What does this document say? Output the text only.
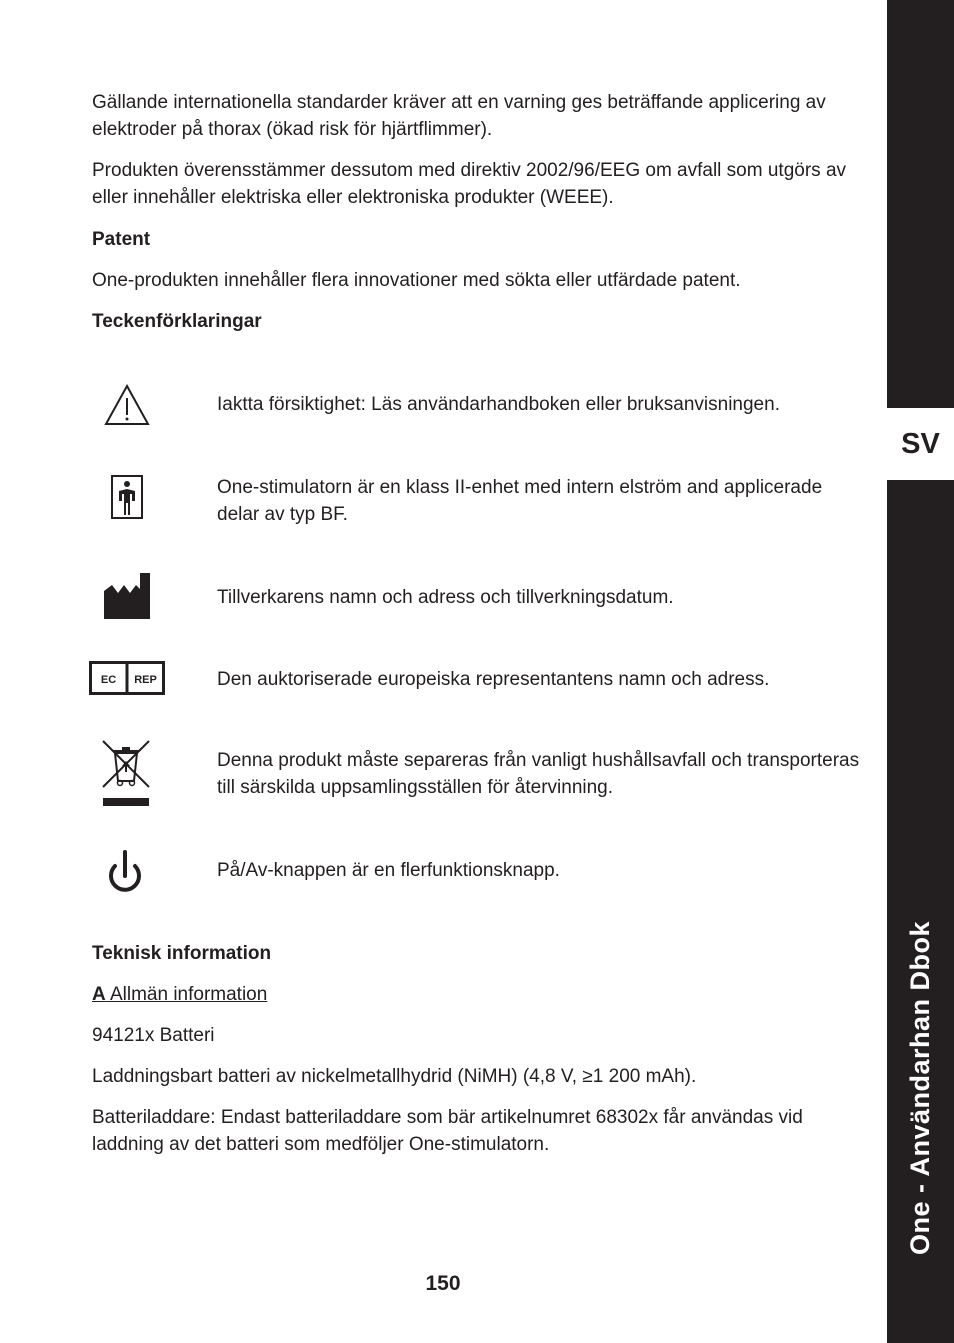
SV
One - Användarhan Dbok

Gällande internationella standarder kräver att en varning ges beträffande applicering av elektroder på thorax (ökad risk för hjärtflimmer).

Produkten överensstämmer dessutom med direktiv 2002/96/EEG om avfall som utgörs av eller innehåller elektriska eller elektroniska produkter (WEEE).

Patent

One-produkten innehåller flera innovationer med sökta eller utfärdade patent.

Teckenförklaringar

Iaktta försiktighet: Läs användarhandboken eller bruksanvisningen.
One-stimulatorn är en klass II-enhet med intern elström and applicerade delar av typ BF.
Tillverkarens namn och adress och tillverkningsdatum.
EC REP	Den auktoriserade europeiska representantens namn och adress.
Denna produkt måste separeras från vanligt hushållsavfall och transporteras till särskilda uppsamlingsställen för återvinning.
På/Av-knappen är en flerfunktionsknapp.

Teknisk information

A Allmän information

94121x Batteri

Laddningsbart batteri av nickelmetallhydrid (NiMH) (4,8 V, ≥1 200 mAh).

Batteriladdare: Endast batteriladdare som bär artikelnumret 68302x får användas vid laddning av det batteri som medföljer One-stimulatorn.

150
